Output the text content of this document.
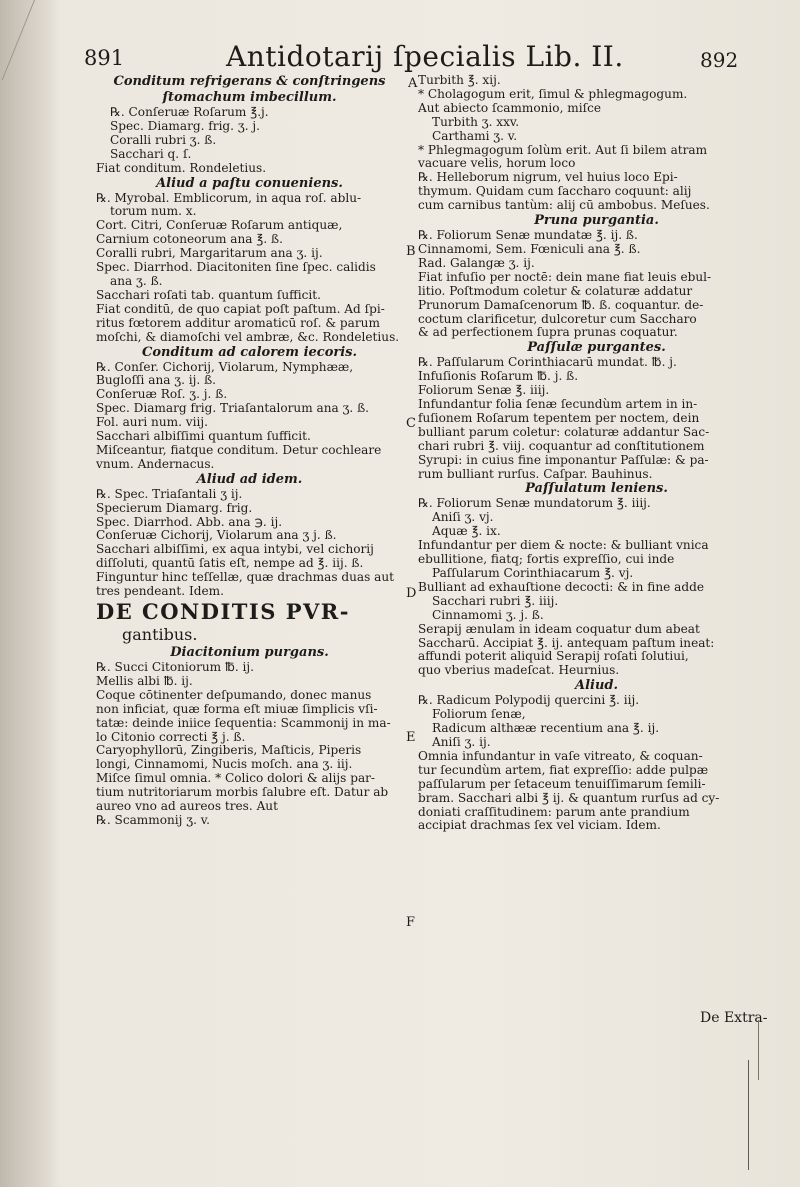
891	Antidotarij ſpecialis Lib. II.	892

Conditum refrigerans & conſtringens

ſtomachum imbecillum.

℞. Conſeruæ Roſarum ℥.j.

Spec. Diamarg. frig. ʒ. j.

Coralli rubri ʒ. ß.

Sacchari q. ſ.

Fiat conditum. Rondeletius.

Aliud a paſtu conueniens.

℞. Myrobal. Emblicorum, in aqua roſ. ablu-

torum num. x.

Cort. Citri, Conſeruæ Roſarum antiquæ,

Carnium cotoneorum ana ℥. ß.

Coralli rubri, Margaritarum ana ʒ. ij.

Spec. Diarrhod. Diacitoniten ſine ſpec. calidis

ana ʒ. ß.

Sacchari roſati tab. quantum ſufficit.

Fiat conditū, de quo capiat poſt paſtum. Ad ſpi-

ritus fœtorem additur aromaticū roſ. & parum

moſchi, & diamoſchi vel ambræ, &c. Rondeletius.

Conditum ad calorem iecoris.

℞. Conſer. Cichorij, Violarum, Nymphææ,

Bugloſſi ana ʒ. ij. ß.

Conſeruæ Roſ. ʒ. j. ß.

Spec. Diamarg frig. Triaſantalorum ana ʒ. ß.

Fol. auri num. viij.

Sacchari albiſſimi quantum ſufficit.

Miſceantur, fiatque conditum. Detur cochleare

vnum. Andernacus.

Aliud ad idem.

℞. Spec. Triaſantali ʒ ij.

Specierum Diamarg. frig.

Spec. Diarrhod. Abb. ana ℈. ij.

Conſeruæ Cichorij, Violarum ana ʒ j. ß.

Sacchari albiſſimi, ex aqua intybi, vel cichorij

diſſoluti, quantū ſatis eſt, nempe ad ℥. iij. ß.

Finguntur hinc teſſellæ, quæ drachmas duas aut

tres pendeant. Idem.

DE CONDITIS PVR-

gantibus.

Diacitonium purgans.

℞. Succi Citoniorum ℔. ij.

Mellis albi ℔. ij.

Coque cōtinenter deſpumando, donec manus

non inficiat, quæ forma eſt miuæ ſimplicis vſi-

tatæ: deinde iniice ſequentia: Scammonij in ma-

lo Citonio correcti ℥ j. ß.

Caryophyllorū, Zingiberis, Maſticis, Piperis

longi, Cinnamomi, Nucis moſch. ana ʒ. iij.

Miſce ſimul omnia. * Colico dolori & alijs par-

tium nutritoriarum morbis ſalubre eſt. Datur ab

aureo vno ad aureos tres. Aut

℞. Scammonij ʒ. v.

Turbith ℥. xij.

* Cholagogum erit, ſimul & phlegmagogum.

Aut abiecto ſcammonio, miſce

Turbith ʒ. xxv.

Carthami ʒ. v.

* Phlegmagogum ſolùm erit. Aut ſi bilem atram

vacuare velis, horum loco

℞. Helleborum nigrum, vel huius loco Epi-

thymum. Quidam cum ſaccharo coquunt: alij

cum carnibus tantùm: alij cū ambobus. Meſues.

Pruna purgantia.

℞. Foliorum Senæ mundatæ ℥. ij. ß.

Cinnamomi, Sem. Fœniculi ana ℥. ß.

Rad. Galangæ ʒ. ij.

Fiat infuſio per noctē: dein mane fiat leuis ebul-

litio. Poſtmodum coletur & colaturæ addatur

Prunorum Damaſcenorum ℔. ß. coquantur. de-

coctum clarificetur, dulcoretur cum Saccharo

& ad perfectionem ſupra prunas coquatur.

Paſſulæ purgantes.

℞. Paſſularum Corinthiacarū mundat. ℔. j.

Infuſionis Roſarum ℔. j. ß.

Foliorum Senæ ℥. iiij.

Infundantur folia ſenæ ſecundùm artem in in-

fuſionem Roſarum tepentem per noctem, dein

bulliant parum coletur: colaturæ addantur Sac-

chari rubri ℥. viij. coquantur ad conſtitutionem

Syrupi: in cuius fine imponantur Paſſulæ: & pa-

rum bulliant rurſus. Caſpar. Bauhinus.

Paſſulatum leniens.

℞. Foliorum Senæ mundatorum ℥. iiij.

Aniſi ʒ. vj.

Aquæ ℥. ix.

Infundantur per diem & nocte: & bulliant vnica

ebullitione, fiatq; fortis expreſſio, cui inde

Paſſularum Corinthiacarum ℥. vj.

Bulliant ad exhauſtione decocti: & in fine adde

Sacchari rubri ℥. iiij.

Cinnamomi ʒ. j. ß.

Serapij ænulam in ideam coquatur dum abeat

Saccharū. Accipiat ℥. ij. antequam paſtum ineat:

affundi poterit aliquid Serapij roſati ſolutiui,

quo vberius madeſcat. Heurnius.

Aliud.

℞. Radicum Polypodij quercini ℥. iij.

Foliorum ſenæ,

Radicum althææ recentium ana ℥. ij.

Aniſi ʒ. ij.

Omnia infundantur in vaſe vitreato, & coquan-

tur ſecundùm artem, fiat expreſſio: adde pulpæ

paſſularum per ſetaceum tenuiſſimarum ſemili-

bram. Sacchari albi ℥ ij. & quantum rurſus ad cy-

doniati craſſitudinem: parum ante prandium

accipiat drachmas ſex vel viciam. Idem.

A
B
C
D
E
F
De Extra-
